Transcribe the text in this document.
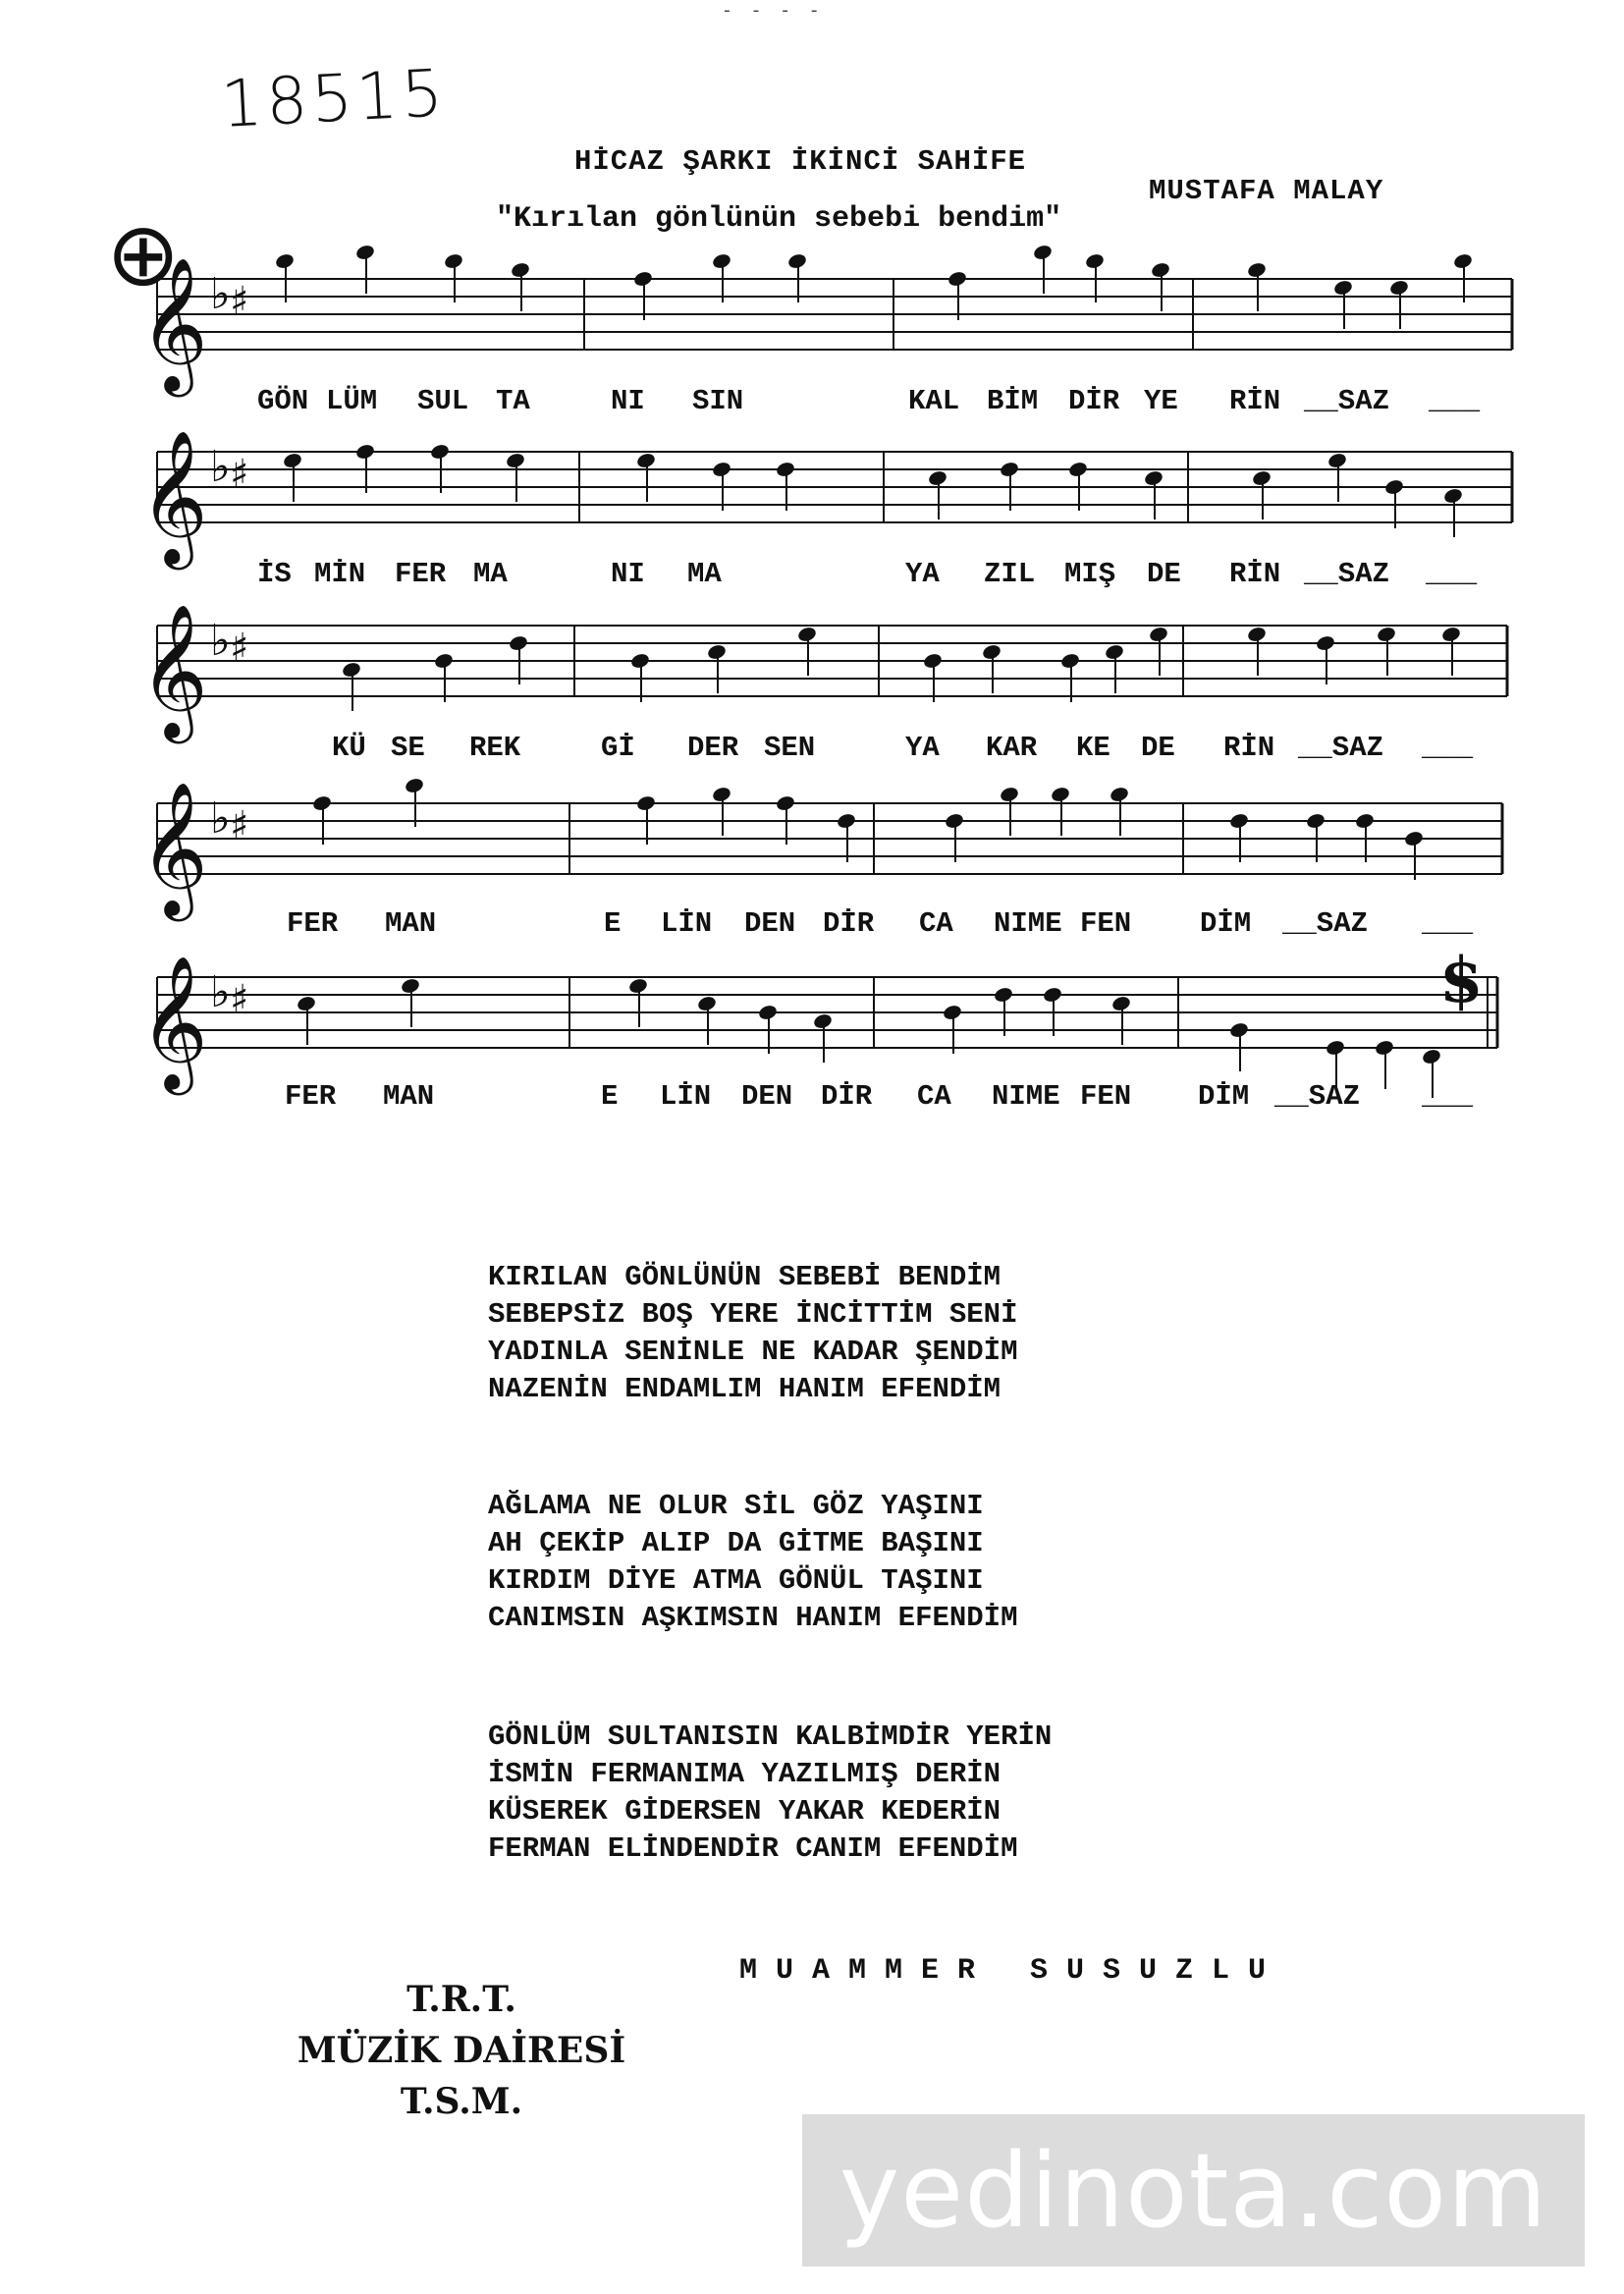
- - - -
18515
HİCAZ ŞARKI İKİNCİ SAHİFE
MUSTAFA MALAY
"Kırılan gönlünün sebebi bendim"
𝄞 ♭ ♯
𝄞 ♭ ♯
𝄞 ♭ ♯
𝄞 ♭ ♯
𝄞 ♭ ♯
⊕
$
GÖN LÜM SUL TA	NI SIN	KAL BİM DİR YE RİN __SAZ ___
İS MİN FER MA	NI MA	YA ZIL MIŞ DE RİN __SAZ ___
KÜ SE REK	Gİ DER SEN	YA KAR KE DE RİN __SAZ ___
FER MAN	E LİN DEN DİR CA NIME FEN DİM __SAZ ___
FER MAN	E LİN DEN DİR CA NIME FEN DİM __SAZ ___
KIRILAN GÖNLÜNÜN SEBEBİ BENDİM
SEBEPSİZ BOŞ YERE İNCİTTİM SENİ
YADINLA SENİNLE NE KADAR ŞENDİM
NAZENİN ENDAMLIM HANIM EFENDİM
AĞLAMA NE OLUR SİL GÖZ YAŞINI
AH ÇEKİP ALIP DA GİTME BAŞINI
KIRDIM DİYE ATMA GÖNÜL TAŞINI
CANIMSIN AŞKIMSIN HANIM EFENDİM
GÖNLÜM SULTANISIN KALBİMDİR YERİN
İSMİN FERMANIMA YAZILMIŞ DERİN
KÜSEREK GİDERSEN YAKAR KEDERİN
FERMAN ELİNDENDİR CANIM EFENDİM
MUAMMER SUSUZLU
T.R.T.
MÜZİK DAİRESİ
T.S.M.
yedinota.com
